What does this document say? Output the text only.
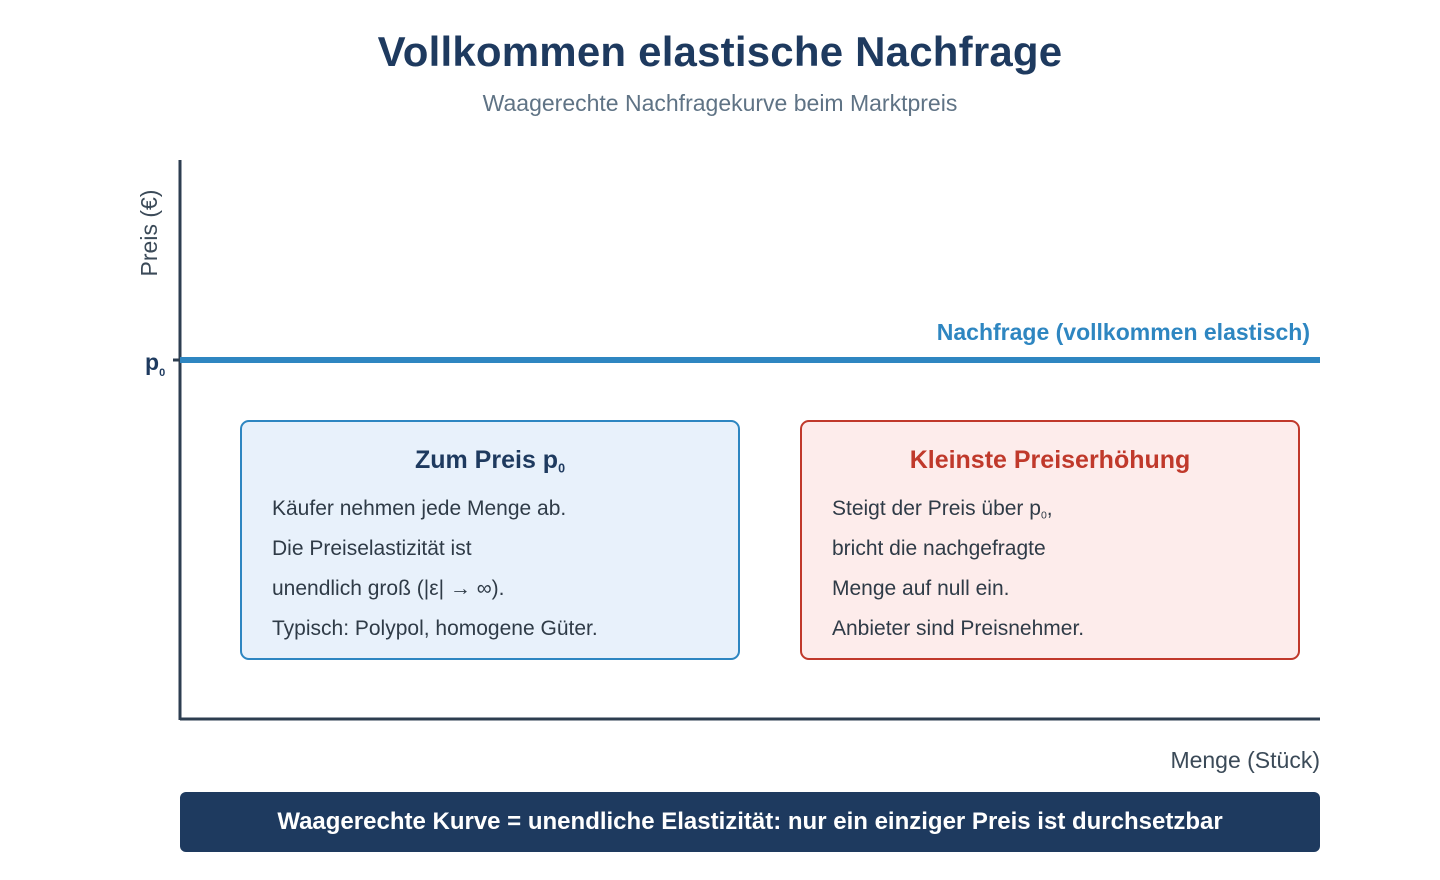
Vollkommen elastische Nachfrage
Waagerechte Nachfragekurve beim Marktpreis
$p_0$
Nachfrage (vollkommen elastisch)
Preis (€)
Menge (Stück)
Zum Preis $p_0$
Käufer nehmen jede Menge ab.
Die Preiselastizität ist
unendlich groß (|ε| → ∞).
Typisch: Polypol, homogene Güter.
Kleinste Preiserhöhung
Steigt der Preis über $p_0$,
bricht die nachgefragte
Menge auf null ein.
Anbieter sind Preisnehmer.
Waagerechte Kurve = unendliche Elastizität: nur ein einziger Preis ist durchsetzbar
